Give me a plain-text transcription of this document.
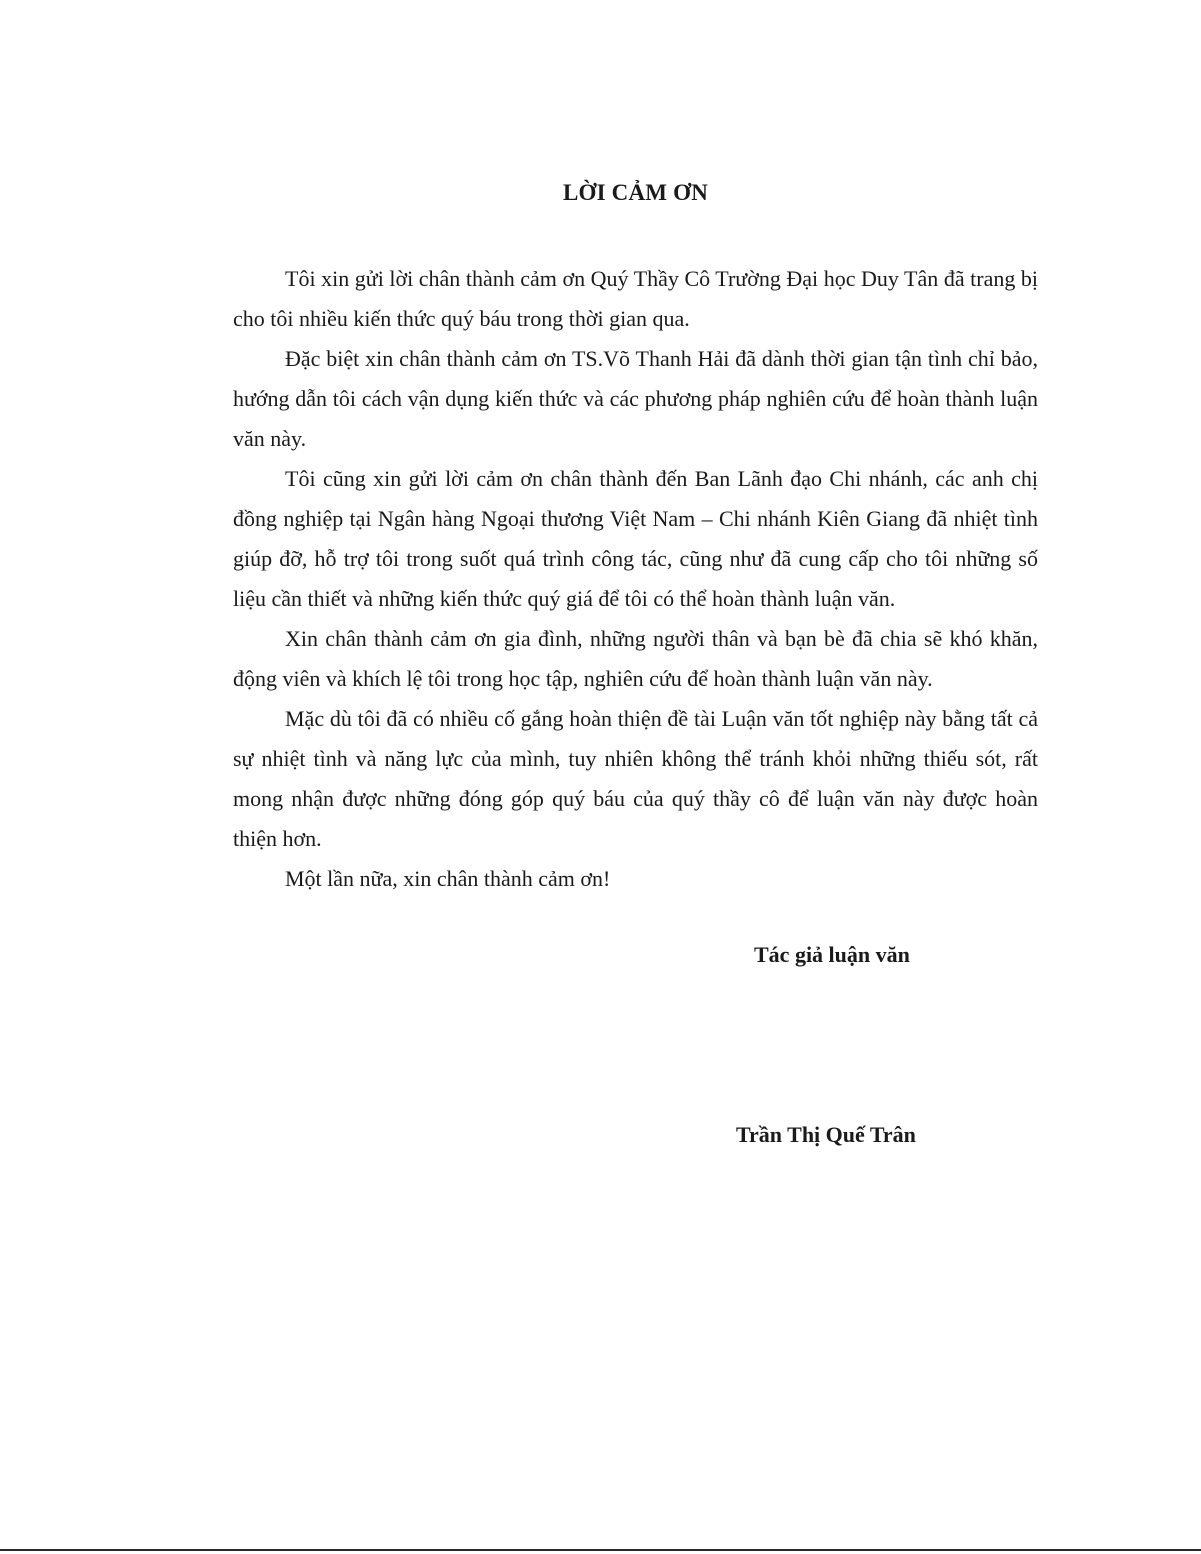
LỜI CẢM ƠN

Tôi xin gửi lời chân thành cảm ơn Quý Thầy Cô Trường Đại học Duy Tân đã trang bị cho tôi nhiều kiến thức quý báu trong thời gian qua.

Đặc biệt xin chân thành cảm ơn TS.Võ Thanh Hải đã dành thời gian tận tình chỉ bảo, hướng dẫn tôi cách vận dụng kiến thức và các phương pháp nghiên cứu để hoàn thành luận văn này.

Tôi cũng xin gửi lời cảm ơn chân thành đến Ban Lãnh đạo Chi nhánh, các anh chị đồng nghiệp tại Ngân hàng Ngoại thương Việt Nam – Chi nhánh Kiên Giang đã nhiệt tình giúp đỡ, hỗ trợ tôi trong suốt quá trình công tác, cũng như đã cung cấp cho tôi những số liệu cần thiết và những kiến thức quý giá để tôi có thể hoàn thành luận văn.

Xin chân thành cảm ơn gia đình, những người thân và bạn bè đã chia sẽ khó khăn, động viên và khích lệ tôi trong học tập, nghiên cứu để hoàn thành luận văn này.

Mặc dù tôi đã có nhiều cố gắng hoàn thiện đề tài Luận văn tốt nghiệp này bằng tất cả sự nhiệt tình và năng lực của mình, tuy nhiên không thể tránh khỏi những thiếu sót, rất mong nhận được những đóng góp quý báu của quý thầy cô để luận văn này được hoàn thiện hơn.

Một lần nữa, xin chân thành cảm ơn!

Tác giả luận văn
Trần Thị Quế Trân
